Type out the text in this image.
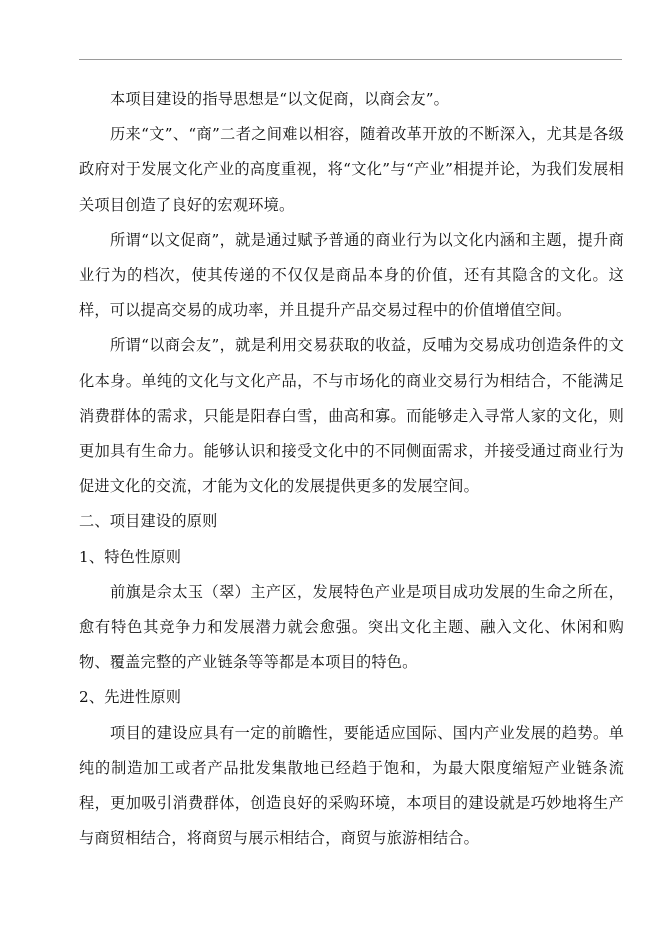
本项目建设的指导思想是“以文促商，以商会友”。

历来“文”、“商”二者之间难以相容，随着改革开放的不断深入，尤其是各级政府对于发展文化产业的高度重视，将“文化”与“产业”相提并论，为我们发展相关项目创造了良好的宏观环境。

所谓“以文促商”，就是通过赋予普通的商业行为以文化内涵和主题，提升商业行为的档次，使其传递的不仅仅是商品本身的价值，还有其隐含的文化。这样，可以提高交易的成功率，并且提升产品交易过程中的价值增值空间。

所谓“以商会友”，就是利用交易获取的收益，反哺为交易成功创造条件的文化本身。单纯的文化与文化产品，不与市场化的商业交易行为相结合，不能满足消费群体的需求，只能是阳春白雪，曲高和寡。而能够走入寻常人家的文化，则更加具有生命力。能够认识和接受文化中的不同侧面需求，并接受通过商业行为促进文化的交流，才能为文化的发展提供更多的发展空间。

二、项目建设的原则

1、特色性原则

前旗是佘太玉（翠）主产区，发展特色产业是项目成功发展的生命之所在，愈有特色其竞争力和发展潜力就会愈强。突出文化主题、融入文化、休闲和购物、覆盖完整的产业链条等等都是本项目的特色。

2、先进性原则

项目的建设应具有一定的前瞻性，要能适应国际、国内产业发展的趋势。单纯的制造加工或者产品批发集散地已经趋于饱和，为最大限度缩短产业链条流程，更加吸引消费群体，创造良好的采购环境，本项目的建设就是巧妙地将生产与商贸相结合，将商贸与展示相结合，商贸与旅游相结合。
